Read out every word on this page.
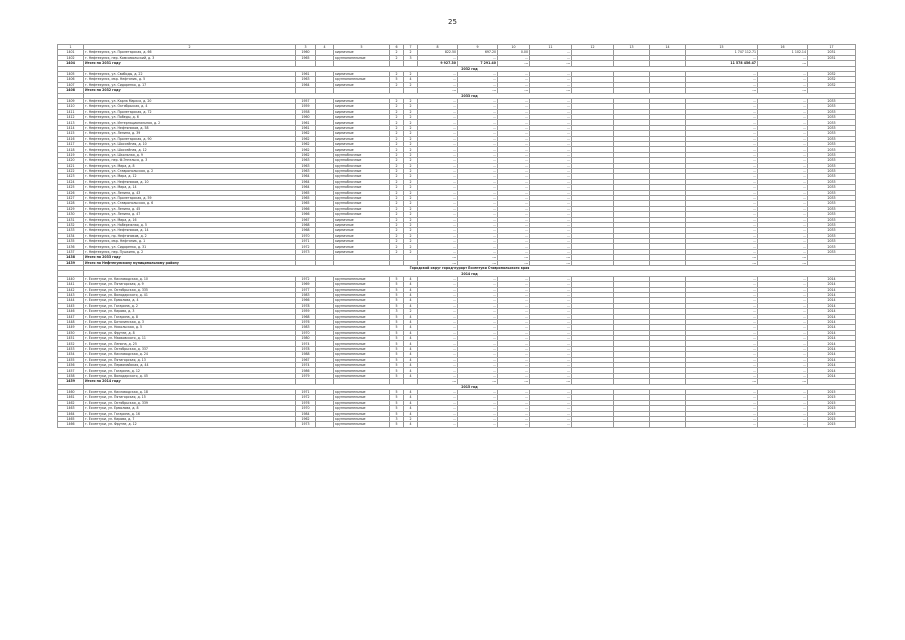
25
1	2	3	4	5	6	7	8	9	10	11	12	13	14	15	16	17
1401	г. Нефтекумск, ул. Пролетарская, д. 66	1960		кирпичные	2	2	822.50	697.20	0.00	...				1 747 112.71	1 102.14	2031
1402	г. Нефтекумск, пер. Комсомольский, д. 3	1965		крупнопанельные	2	3	...	...	...	...				...	...	2031
1404	Итого по 2031 году						9 927.30	7 291.40	...	...				11 578 456.47	...	
	2032 год															
1405	г. Нефтекумск, ул. Свободы, д. 22	1961		кирпичные	2	2	...	...	...	...				...	...	2032
1406	г. Нефтекумск, мкр. Нефтяник, д. 5	1963		крупнопанельные	5	4	...	...	...	...				...	...	2032
1407	г. Нефтекумск, ул. Сидоренко, д. 17	1964		кирпичные	2	2	...	...	...	...				...	...	2032
1408	Итого по 2032 году						...	...	...	...				...	...	
	2033 год															
1409	г. Нефтекумск, ул. Карла Маркса, д. 20	1957		кирпичные	2	2	...	...	...	...				...	...	2033
1410	г. Нефтекумск, ул. Октябрьская, д. 4	1959		кирпичные	2	2	...	...	...	...				...	...	2033
1411	г. Нефтекумск, ул. Пролетарская, д. 72	1958		кирпичные	2	2	...	...	...	...				...	...	2033
1412	г. Нефтекумск, ул. Победы, д. 6	1960		кирпичные	2	2	...	...	...	...				...	...	2033
1413	г. Нефтекумск, ул. Интернациональная, д. 2	1961		кирпичные	2	2	...	...	...	...				...	...	2033
1414	г. Нефтекумск, ул. Нефтяников, д. 58	1961		кирпичные	2	2	...	...	...	...				...	...	2033
1415	г. Нефтекумск, ул. Ленина, д. 39	1962		кирпичные	2	2	...	...	...	...				...	...	2033
1416	г. Нефтекумск, ул. Пролетарская, д. 90	1962		кирпичные	2	2	...	...	...	...				...	...	2033
1417	г. Нефтекумск, ул. Шоссейная, д. 10	1962		кирпичные	2	2	...	...	...	...				...	...	2033
1418	г. Нефтекумск, ул. Шоссейная, д. 12	1962		кирпичные	2	2	...	...	...	...				...	...	2033
1419	г. Нефтекумск, ул. Школьная, д. 9	1962		крупноблочные	2	2	...	...	...	...				...	...	2033
1420	г. Нефтекумск, пер. Ф.Энгельса, д. 3	1963		крупноблочные	2	2	...	...	...	...				...	...	2033
1421	г. Нефтекумск, ул. Мира, д. 8	1963		крупноблочные	2	2	...	...	...	...				...	...	2033
1422	г. Нефтекумск, ул. Ставропольская, д. 2	1963		крупноблочные	2	2	...	...	...	...				...	...	2033
1423	г. Нефтекумск, ул. Мира, д. 12	1964		крупноблочные	2	2	...	...	...	...				...	...	2033
1424	г. Нефтекумск, ул. Нефтяников, д. 10	1964		крупноблочные	2	2	...	...	...	...				...	...	2033
1425	г. Нефтекумск, ул. Мира, д. 14	1964		крупноблочные	2	2	...	...	...	...				...	...	2033
1426	г. Нефтекумск, ул. Ленина, д. 43	1965		крупноблочные	2	2	...	...	...	...				...	...	2033
1427	г. Нефтекумск, ул. Пролетарская, д. 59	1965		крупноблочные	2	2	...	...	...	...				...	...	2033
1428	г. Нефтекумск, ул. Ставропольская, д. 6	1965		крупноблочные	2	2	...	...	...	...				...	...	2033
1429	г. Нефтекумск, ул. Ленина, д. 45	1966		крупноблочные	2	2	...	...	...	...				...	...	2033
1430	г. Нефтекумск, ул. Ленина, д. 47	1966		крупноблочные	2	2	...	...	...	...				...	...	2033
1431	г. Нефтекумск, ул. Мира, д. 16	1967		кирпичные	2	2	...	...	...	...				...	...	2033
1432	г. Нефтекумск, ул. Набережная, д. 5	1968		кирпичные	2	2	...	...	...	...				...	...	2033
1433	г. Нефтекумск, ул. Нефтяников, д. 14	1968		кирпичные	2	2	...	...	...	...				...	...	2033
1434	г. Нефтекумск, пр. Нефтяников, д. 2	1970		кирпичные	2	2	...	...	...	...				...	...	2033
1435	г. Нефтекумск, мкр. Нефтяник, д. 1	1971		кирпичные	2	2	...	...	...	...				...	...	2033
1436	г. Нефтекумск, ул. Сидоренко, д. 31	1972		кирпичные	2	2	...	...	...	...				...	...	2033
1437	г. Нефтекумск, пер. Пушкина, д. 2	1973		кирпичные	2	2	...	...	...	...				...	...	2033
1438	Итого по 2033 году						...	...	...	...				...	...	
1439	Итого по Нефтекумскому муниципальному району						...	...	...	...				...	...	
	Городской округ город-курорт Ессентуки Ставропольского края															
	2014 год															
1440	г. Ессентуки, ул. Кисловодская, д. 10	1972		крупнопанельные	5	4	...	...	...	...				...	...	2014
1441	г. Ессентуки, ул. Пятигорская, д. 9	1969		крупнопанельные	5	4	...	...	...	...				...	...	2014
1442	г. Ессентуки, ул. Октябрьская, д. 335	1977		крупнопанельные	5	4	...	...	...	...				...	...	2014
1443	г. Ессентуки, ул. Володарского, д. 41	1983		крупнопанельные	5	4	...	...	...	...				...	...	2014
1444	г. Ессентуки, ул. Ермолова, д. 4	1966		крупнопанельные	5	4	...	...	...	...				...	...	2014
1445	г. Ессентуки, ул. Гагарина, д. 2	1978		крупнопанельные	5	4	...	...	...	...				...	...	2014
1446	г. Ессентуки, ул. Кирова, д. 3	1959		крупнопанельные	3	2	...	...	...	...				...	...	2014
1447	г. Ессентуки, ул. Гагарина, д. 8	1968		крупнопанельные	5	4	...	...	...	...				...	...	2014
1448	г. Ессентуки, ул. Баталинская, д. 3	1976		крупнопанельные	5	4	...	...	...	...				...	...	2014
1449	г. Ессентуки, ул. Никольская, д. 5	1983		крупнопанельные	5	4	...	...	...	...				...	...	2014
1450	г. Ессентуки, ул. Фрунзе, д. 8	1970		крупнопанельные	5	4	...	...	...	...				...	...	2014
1451	г. Ессентуки, ул. Маяковского, д. 11	1980		крупнопанельные	5	4	...	...	...	...				...	...	2014
1452	г. Ессентуки, ул. Ленина, д. 25	1974		крупнопанельные	5	4	...	...	...	...				...	...	2014
1453	г. Ессентуки, ул. Октябрьская, д. 337	1978		крупнопанельные	5	4	...	...	...	...				...	...	2014
1454	г. Ессентуки, ул. Кисловодская, д. 24	1988		крупнопанельные	5	4	...	...	...	...				...	...	2014
1455	г. Ессентуки, ул. Пятигорская, д. 13	1967		крупнопанельные	5	4	...	...	...	...				...	...	2014
1456	г. Ессентуки, ул. Первомайская, д. 44	1974		крупнопанельные	5	4	...	...	...	...				...	...	2014
1457	г. Ессентуки, ул. Гагарина, д. 12	1986		крупнопанельные	5	4	...	...	...	...				...	...	2014
1458	г. Ессентуки, ул. Володарского, д. 45	1979		крупнопанельные	5	4	...	...	...	...				...	...	2014
1459	Итого по 2014 году						...	...	...	...				...	...	
	2015 год															
1460	г. Ессентуки, ул. Кисловодская, д. 18	1971		крупнопанельные	5	4	...	...	...	...				...	...	2015
1461	г. Ессентуки, ул. Пятигорская, д. 15	1972		крупнопанельные	5	4	...	...	...	...				...	...	2015
1462	г. Ессентуки, ул. Октябрьская, д. 339	1976		крупнопанельные	5	4	...	...	...	...				...	...	2015
1463	г. Ессентуки, ул. Ермолова, д. 8	1970		крупнопанельные	5	4	...	...	...	...				...	...	2015
1464	г. Ессентуки, ул. Гагарина, д. 16	1984		крупнопанельные	5	4	...	...	...	...				...	...	2015
1465	г. Ессентуки, ул. Кирова, д. 7	1962		крупнопанельные	3	2	...	...	...	...				...	...	2015
1466	г. Ессентуки, ул. Фрунзе, д. 12	1973		крупнопанельные	5	4	...	...	...	...				...	...	2015
